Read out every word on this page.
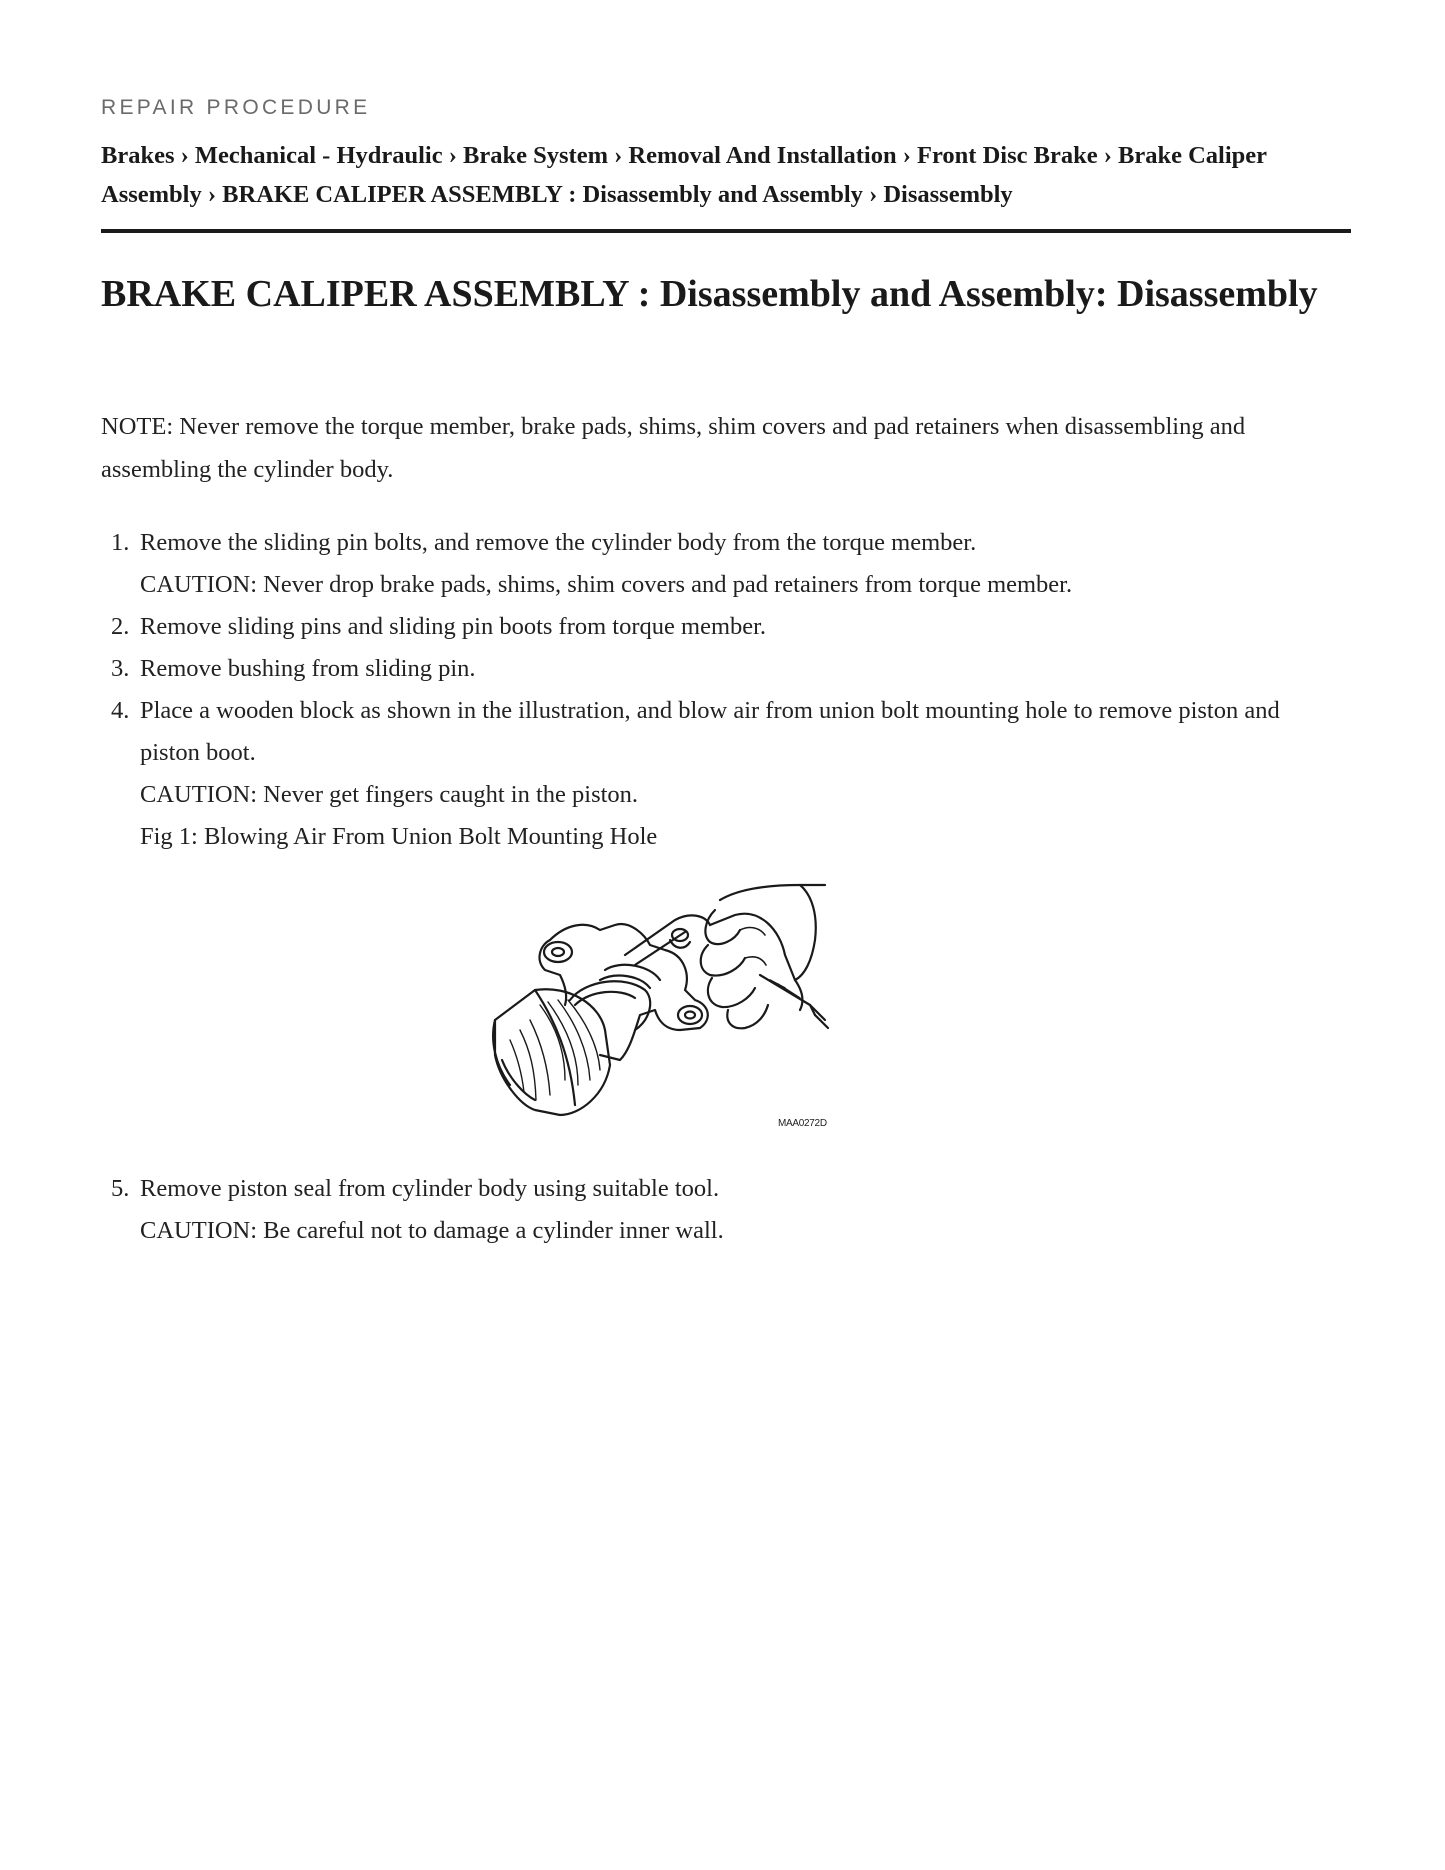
REPAIR PROCEDURE
Brakes › Mechanical - Hydraulic › Brake System › Removal And Installation › Front Disc Brake › Brake Caliper Assembly › BRAKE CALIPER ASSEMBLY : Disassembly and Assembly › Disassembly
BRAKE CALIPER ASSEMBLY : Disassembly and Assembly: Disassembly

NOTE: Never remove the torque member, brake pads, shims, shim covers and pad retainers when disassembling and assembling the cylinder body.

1. Remove the sliding pin bolts, and remove the cylinder body from the torque member.
CAUTION: Never drop brake pads, shims, shim covers and pad retainers from torque member.
2. Remove sliding pins and sliding pin boots from torque member.
3. Remove bushing from sliding pin.
4. Place a wooden block as shown in the illustration, and blow air from union bolt mounting hole to remove piston and piston boot.
CAUTION: Never get fingers caught in the piston.
Fig 1: Blowing Air From Union Bolt Mounting Hole
5. Remove piston seal from cylinder body using suitable tool.
CAUTION: Be careful not to damage a cylinder inner wall.
MAA0272D
